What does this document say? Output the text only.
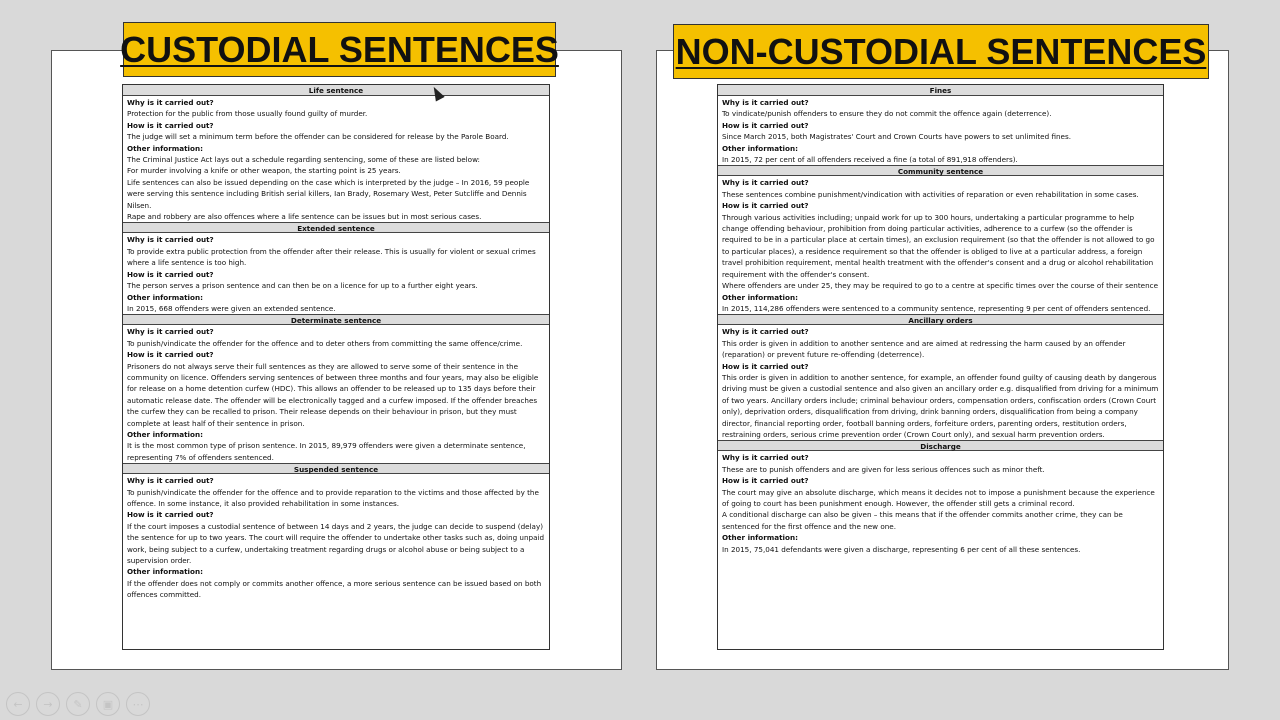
CUSTODIAL SENTENCES	NON-CUSTODIAL SENTENCES
Life sentence

Why is it carried out?

Protection for the public from those usually found guilty of murder.

How is it carried out?

The judge will set a minimum term before the offender can be considered for release by the Parole Board.

Other information:

The Criminal Justice Act lays out a schedule regarding sentencing, some of these are listed below:

For murder involving a knife or other weapon, the starting point is 25 years.

Life sentences can also be issued depending on the case which is interpreted by the judge – In 2016, 59 people were serving this sentence including British serial killers, Ian Brady, Rosemary West, Peter Sutcliffe and Dennis Nilsen.

Rape and robbery are also offences where a life sentence can be issues but in most serious cases.

Extended sentence

Why is it carried out?

To provide extra public protection from the offender after their release. This is usually for violent or sexual crimes where a life sentence is too high.

How is it carried out?

The person serves a prison sentence and can then be on a licence for up to a further eight years.

Other information:

In 2015, 668 offenders were given an extended sentence.

Determinate sentence

Why is it carried out?

To punish/vindicate the offender for the offence and to deter others from committing the same offence/crime.

How is it carried out?

Prisoners do not always serve their full sentences as they are allowed to serve some of their sentence in the community on licence. Offenders serving sentences of between three months and four years, may also be eligible for release on a home detention curfew (HDC). This allows an offender to be released up to 135 days before their automatic release date. The offender will be electronically tagged and a curfew imposed. If the offender breaches the curfew they can be recalled to prison. Their release depends on their behaviour in prison, but they must complete at least half of their sentence in prison.

Other information:

It is the most common type of prison sentence. In 2015, 89,979 offenders were given a determinate sentence, representing 7% of offenders sentenced.

Suspended sentence

Why is it carried out?

To punish/vindicate the offender for the offence and to provide reparation to the victims and those affected by the offence. In some instance, it also provided rehabilitation in some instances.

How is it carried out?

If the court imposes a custodial sentence of between 14 days and 2 years, the judge can decide to suspend (delay) the sentence for up to two years. The court will require the offender to undertake other tasks such as, doing unpaid work, being subject to a curfew, undertaking treatment regarding drugs or alcohol abuse or being subject to a supervision order.

Other information:

If the offender does not comply or commits another offence, a more serious sentence can be issued based on both offences committed.

Fines

Why is it carried out?

To vindicate/punish offenders to ensure they do not commit the offence again (deterrence).

How is it carried out?

Since March 2015, both Magistrates' Court and Crown Courts have powers to set unlimited fines.

Other information:

In 2015, 72 per cent of all offenders received a fine (a total of 891,918 offenders).

Community sentence

Why is it carried out?

These sentences combine punishment/vindication with activities of reparation or even rehabilitation in some cases.

How is it carried out?

Through various activities including; unpaid work for up to 300 hours, undertaking a particular programme to help change offending behaviour, prohibition from doing particular activities, adherence to a curfew (so the offender is required to be in a particular place at certain times), an exclusion requirement (so that the offender is not allowed to go to particular places), a residence requirement so that the offender is obliged to live at a particular address, a foreign travel prohibition requirement, mental health treatment with the offender's consent and a drug or alcohol rehabilitation requirement with the offender's consent.

Where offenders are under 25, they may be required to go to a centre at specific times over the course of their sentence

Other information:

In 2015, 114,286 offenders were sentenced to a community sentence, representing 9 per cent of offenders sentenced.

Ancillary orders

Why is it carried out?

This order is given in addition to another sentence and are aimed at redressing the harm caused by an offender (reparation) or prevent future re-offending (deterrence).

How is it carried out?

This order is given in addition to another sentence, for example, an offender found guilty of causing death by dangerous driving must be given a custodial sentence and also given an ancillary order e.g. disqualified from driving for a minimum of two years. Ancillary orders include; criminal behaviour orders, compensation orders, confiscation orders (Crown Court only), deprivation orders, disqualification from driving, drink banning orders, disqualification from being a company director, financial reporting order, football banning orders, forfeiture orders, parenting orders, restitution orders, restraining orders, serious crime prevention order (Crown Court only), and sexual harm prevention orders.

Discharge

Why is it carried out?

These are to punish offenders and are given for less serious offences such as minor theft.

How is it carried out?

The court may give an absolute discharge, which means it decides not to impose a punishment because the experience of going to court has been punishment enough. However, the offender still gets a criminal record.

A conditional discharge can also be given – this means that if the offender commits another crime, they can be sentenced for the first offence and the new one.

Other information:

In 2015, 75,041 defendants were given a discharge, representing 6 per cent of all these sentences.

←	→	✎	▣	⋯
